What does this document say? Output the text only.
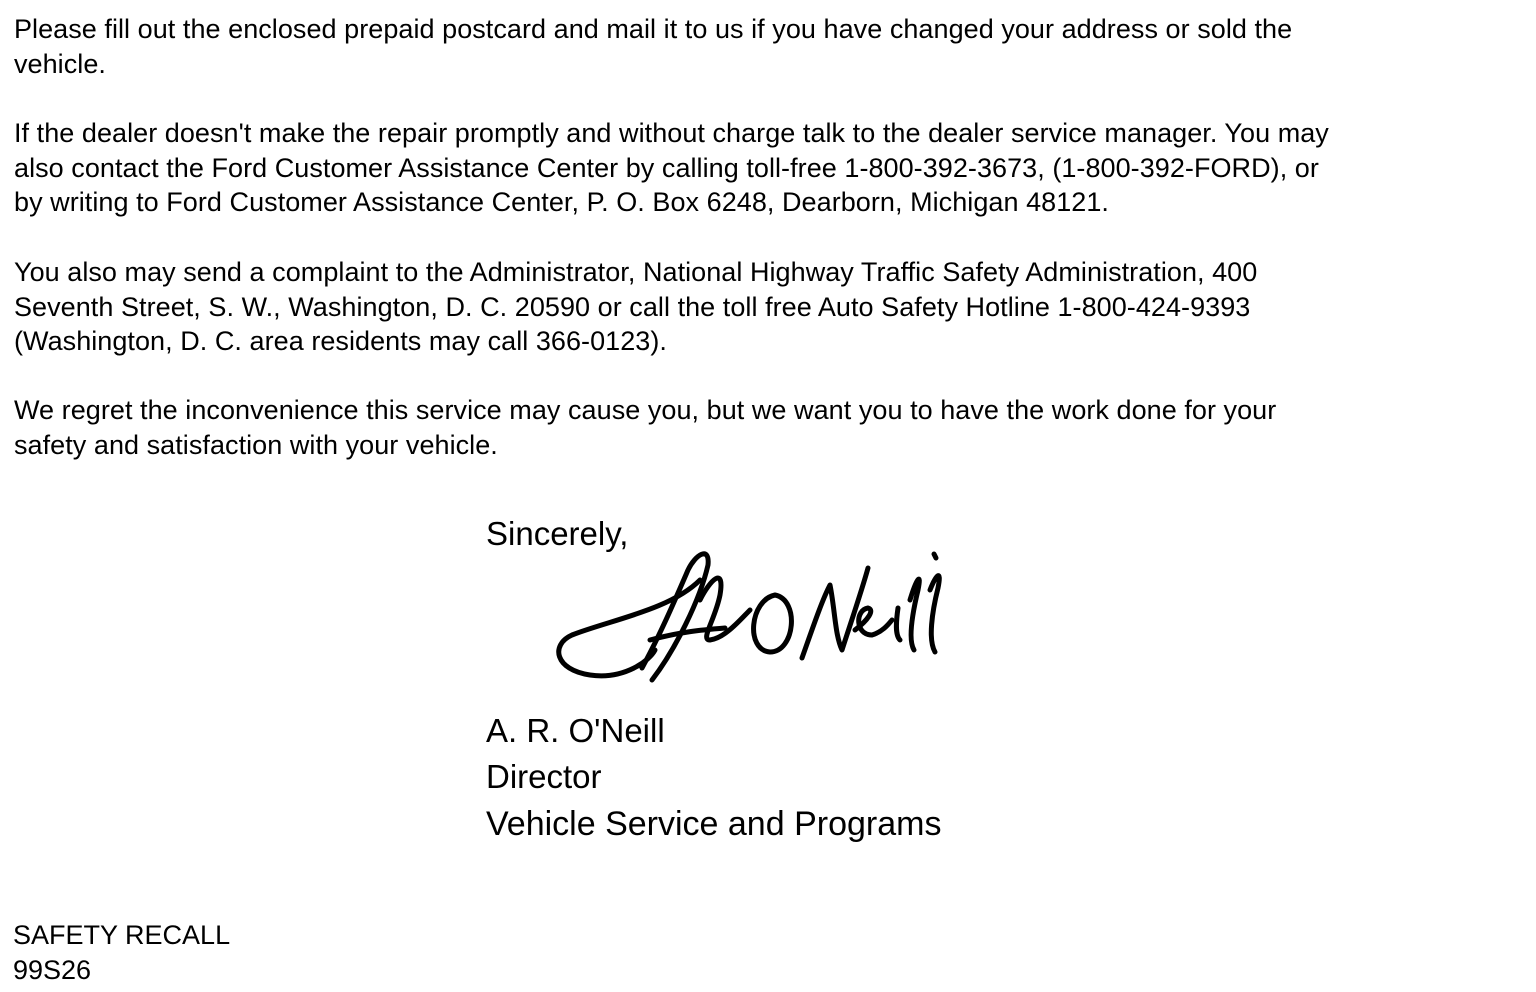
Please fill out the enclosed prepaid postcard and mail it to us if you have changed your address or sold the
vehicle.

If the dealer doesn't make the repair promptly and without charge talk to the dealer service manager. You may
also contact the Ford Customer Assistance Center by calling toll-free 1-800-392-3673, (1-800-392-FORD), or
by writing to Ford Customer Assistance Center, P. O. Box 6248, Dearborn, Michigan 48121.

You also may send a complaint to the Administrator, National Highway Traffic Safety Administration, 400
Seventh Street, S. W., Washington, D. C. 20590 or call the toll free Auto Safety Hotline 1-800-424-9393
(Washington, D. C. area residents may call 366-0123).

We regret the inconvenience this service may cause you, but we want you to have the work done for your
safety and satisfaction with your vehicle.

Sincerely,
A. R. O'Neill
Director
Vehicle Service and Programs
SAFETY RECALL
99S26
